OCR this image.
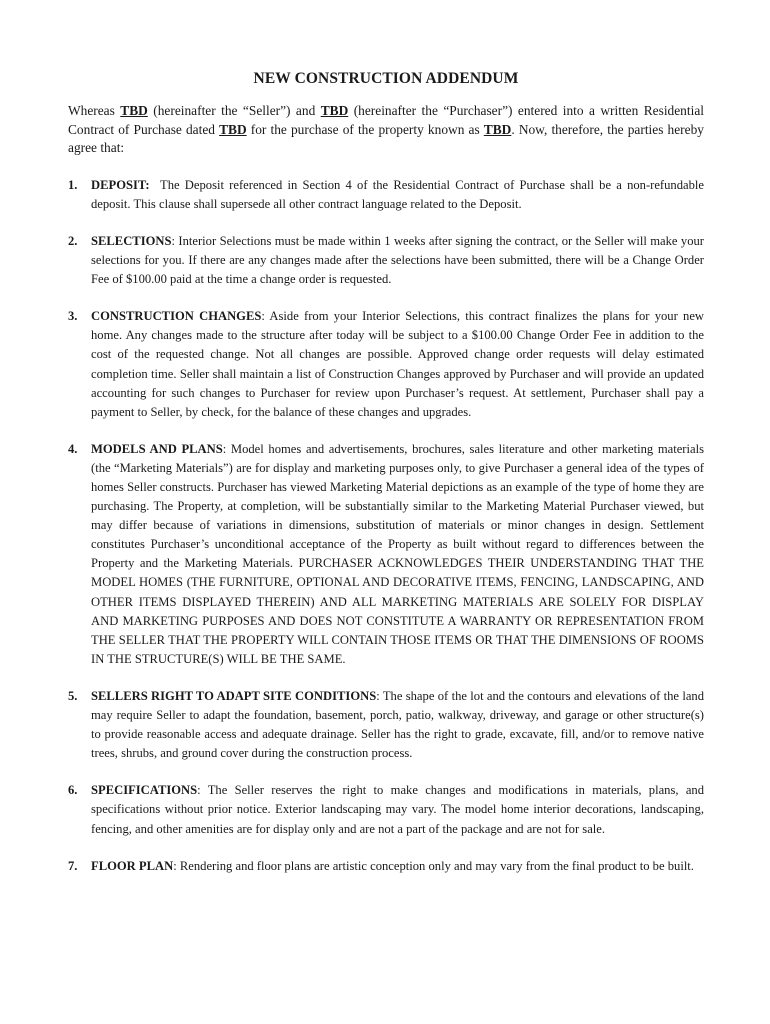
NEW CONSTRUCTION ADDENDUM

Whereas TBD (hereinafter the “Seller”) and TBD (hereinafter the “Purchaser”) entered into a written Residential Contract of Purchase dated TBD for the purchase of the property known as TBD. Now, therefore, the parties hereby agree that:

1. DEPOSIT: The Deposit referenced in Section 4 of the Residential Contract of Purchase shall be a non-refundable deposit. This clause shall supersede all other contract language related to the Deposit.
2. SELECTIONS: Interior Selections must be made within 1 weeks after signing the contract, or the Seller will make your selections for you. If there are any changes made after the selections have been submitted, there will be a Change Order Fee of $100.00 paid at the time a change order is requested.
3. CONSTRUCTION CHANGES: Aside from your Interior Selections, this contract finalizes the plans for your new home. Any changes made to the structure after today will be subject to a $100.00 Change Order Fee in addition to the cost of the requested change. Not all changes are possible. Approved change order requests will delay estimated completion time. Seller shall maintain a list of Construction Changes approved by Purchaser and will provide an updated accounting for such changes to Purchaser for review upon Purchaser’s request. At settlement, Purchaser shall pay a payment to Seller, by check, for the balance of these changes and upgrades.
4. MODELS AND PLANS: Model homes and advertisements, brochures, sales literature and other marketing materials (the “Marketing Materials”) are for display and marketing purposes only, to give Purchaser a general idea of the types of homes Seller constructs. Purchaser has viewed Marketing Material depictions as an example of the type of home they are purchasing. The Property, at completion, will be substantially similar to the Marketing Material Purchaser viewed, but may differ because of variations in dimensions, substitution of materials or minor changes in design. Settlement constitutes Purchaser’s unconditional acceptance of the Property as built without regard to differences between the Property and the Marketing Materials. PURCHASER ACKNOWLEDGES THEIR UNDERSTANDING THAT THE MODEL HOMES (THE FURNITURE, OPTIONAL AND DECORATIVE ITEMS, FENCING, LANDSCAPING, AND OTHER ITEMS DISPLAYED THEREIN) AND ALL MARKETING MATERIALS ARE SOLELY FOR DISPLAY AND MARKETING PURPOSES AND DOES NOT CONSTITUTE A WARRANTY OR REPRESENTATION FROM THE SELLER THAT THE PROPERTY WILL CONTAIN THOSE ITEMS OR THAT THE DIMENSIONS OF ROOMS IN THE STRUCTURE(S) WILL BE THE SAME.
5. SELLERS RIGHT TO ADAPT SITE CONDITIONS: The shape of the lot and the contours and elevations of the land may require Seller to adapt the foundation, basement, porch, patio, walkway, driveway, and garage or other structure(s) to provide reasonable access and adequate drainage. Seller has the right to grade, excavate, fill, and/or to remove native trees, shrubs, and ground cover during the construction process.
6. SPECIFICATIONS: The Seller reserves the right to make changes and modifications in materials, plans, and specifications without prior notice. Exterior landscaping may vary. The model home interior decorations, landscaping, fencing, and other amenities are for display only and are not a part of the package and are not for sale.
7. FLOOR PLAN: Rendering and floor plans are artistic conception only and may vary from the final product to be built.
